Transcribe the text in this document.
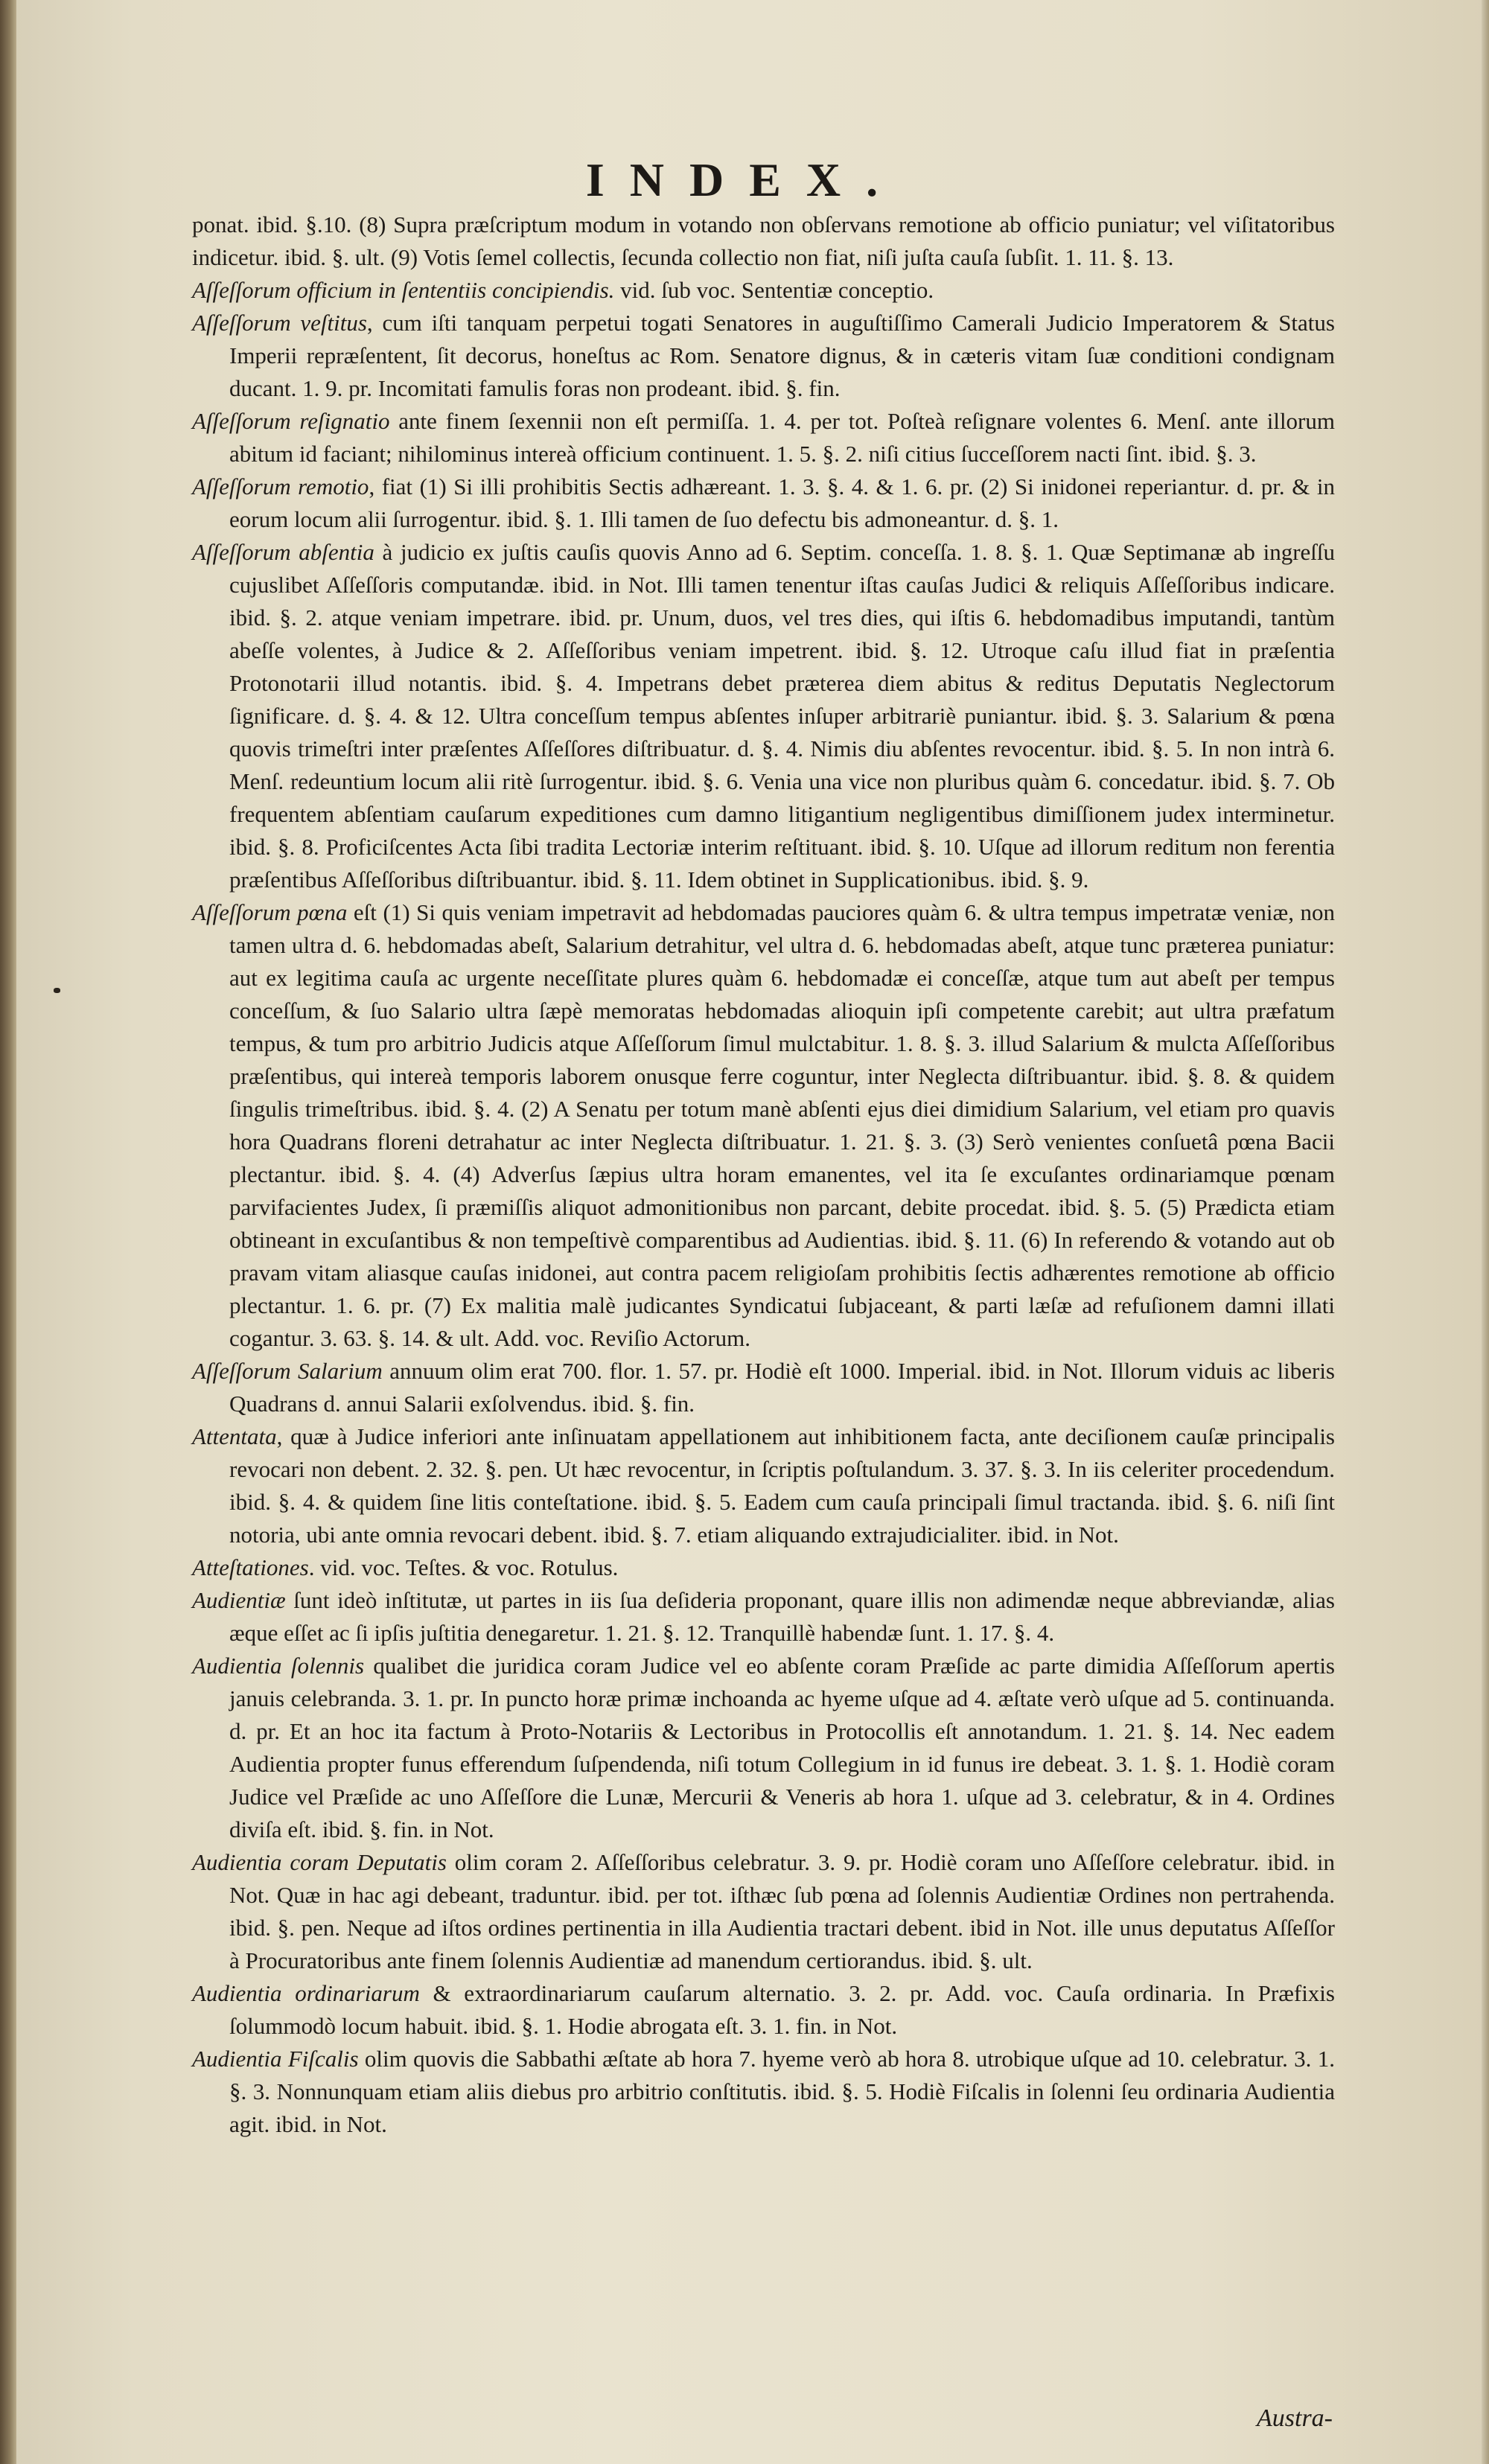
INDEX.

ponat. ibid. §.10. (8) Supra præſcriptum modum in votando non obſervans remotione ab officio puniatur; vel viſitatoribus indicetur. ibid. §. ult. (9) Votis ſemel collectis, ſecunda collectio non fiat, niſi juſta cauſa ſubſit. 1. 11. §. 13.

Aſſeſſorum officium in ſententiis concipiendis. vid. ſub voc. Sententiæ conceptio.

Aſſeſſorum veſtitus, cum iſti tanquam perpetui togati Senatores in auguſtiſſimo Camerali Judicio Imperatorem & Status Imperii repræſentent, ſit decorus, honeſtus ac Rom. Senatore dignus, & in cæteris vitam ſuæ conditioni condignam ducant. 1. 9. pr. Incomitati famulis foras non prodeant. ibid. §. fin.

Aſſeſſorum reſignatio ante finem ſexennii non eſt permiſſa. 1. 4. per tot. Poſteà reſignare volentes 6. Menſ. ante illorum abitum id faciant; nihilominus intereà officium continuent. 1. 5. §. 2. niſi citius ſucceſſorem nacti ſint. ibid. §. 3.

Aſſeſſorum remotio, fiat (1) Si illi prohibitis Sectis adhæreant. 1. 3. §. 4. & 1. 6. pr. (2) Si inidonei reperiantur. d. pr. & in eorum locum alii ſurrogentur. ibid. §. 1. Illi tamen de ſuo defectu bis admoneantur. d. §. 1.

Aſſeſſorum abſentia à judicio ex juſtis cauſis quovis Anno ad 6. Septim. conceſſa. 1. 8. §. 1. Quæ Septimanæ ab ingreſſu cujuslibet Aſſeſſoris computandæ. ibid. in Not. Illi tamen tenentur iſtas cauſas Judici & reliquis Aſſeſſoribus indicare. ibid. §. 2. atque veniam impetrare. ibid. pr. Unum, duos, vel tres dies, qui iſtis 6. hebdomadibus imputandi, tantùm abeſſe volentes, à Judice & 2. Aſſeſſoribus veniam impetrent. ibid. §. 12. Utroque caſu illud fiat in præſentia Protonotarii illud notantis. ibid. §. 4. Impetrans debet præterea diem abitus & reditus Deputatis Neglectorum ſignificare. d. §. 4. & 12. Ultra conceſſum tempus abſentes inſuper arbitrariè puniantur. ibid. §. 3. Salarium & pœna quovis trimeſtri inter præſentes Aſſeſſores diſtribuatur. d. §. 4. Nimis diu abſentes revocentur. ibid. §. 5. In non intrà 6. Menſ. redeuntium locum alii ritè ſurrogentur. ibid. §. 6. Venia una vice non pluribus quàm 6. concedatur. ibid. §. 7. Ob frequentem abſentiam cauſarum expeditiones cum damno litigantium negligentibus dimiſſionem judex interminetur. ibid. §. 8. Proficiſcentes Acta ſibi tradita Lectoriæ interim reſtituant. ibid. §. 10. Uſque ad illorum reditum non ferentia præſentibus Aſſeſſoribus diſtribuantur. ibid. §. 11. Idem obtinet in Supplicationibus. ibid. §. 9.

Aſſeſſorum pœna eſt (1) Si quis veniam impetravit ad hebdomadas pauciores quàm 6. & ultra tempus impetratæ veniæ, non tamen ultra d. 6. hebdomadas abeſt, Salarium detrahitur, vel ultra d. 6. hebdomadas abeſt, atque tunc præterea puniatur: aut ex legitima cauſa ac urgente neceſſitate plures quàm 6. hebdomadæ ei conceſſæ, atque tum aut abeſt per tempus conceſſum, & ſuo Salario ultra ſæpè memoratas hebdomadas alioquin ipſi competente carebit; aut ultra præfatum tempus, & tum pro arbitrio Judicis atque Aſſeſſorum ſimul mulctabitur. 1. 8. §. 3. illud Salarium & mulcta Aſſeſſoribus præſentibus, qui intereà temporis laborem onusque ferre coguntur, inter Neglecta diſtribuantur. ibid. §. 8. & quidem ſingulis trimeſtribus. ibid. §. 4. (2) A Senatu per totum manè abſenti ejus diei dimidium Salarium, vel etiam pro quavis hora Quadrans floreni detrahatur ac inter Neglecta diſtribuatur. 1. 21. §. 3. (3) Serò venientes conſuetâ pœna Bacii plectantur. ibid. §. 4. (4) Adverſus ſæpius ultra horam emanentes, vel ita ſe excuſantes ordinariamque pœnam parvifacientes Judex, ſi præmiſſis aliquot admonitionibus non parcant, debite procedat. ibid. §. 5. (5) Prædicta etiam obtineant in excuſantibus & non tempeſtivè comparentibus ad Audientias. ibid. §. 11. (6) In referendo & votando aut ob pravam vitam aliasque cauſas inidonei, aut contra pacem religioſam prohibitis ſectis adhærentes remotione ab officio plectantur. 1. 6. pr. (7) Ex malitia malè judicantes Syndicatui ſubjaceant, & parti læſæ ad refuſionem damni illati cogantur. 3. 63. §. 14. & ult. Add. voc. Reviſio Actorum.

Aſſeſſorum Salarium annuum olim erat 700. flor. 1. 57. pr. Hodiè eſt 1000. Imperial. ibid. in Not. Illorum viduis ac liberis Quadrans d. annui Salarii exſolvendus. ibid. §. fin.

Attentata, quæ à Judice inferiori ante inſinuatam appellationem aut inhibitionem facta, ante deciſionem cauſæ principalis revocari non debent. 2. 32. §. pen. Ut hæc revocentur, in ſcriptis poſtulandum. 3. 37. §. 3. In iis celeriter procedendum. ibid. §. 4. & quidem ſine litis conteſtatione. ibid. §. 5. Eadem cum cauſa principali ſimul tractanda. ibid. §. 6. niſi ſint notoria, ubi ante omnia revocari debent. ibid. §. 7. etiam aliquando extrajudicialiter. ibid. in Not.

Atteſtationes. vid. voc. Teſtes. & voc. Rotulus.

Audientiæ ſunt ideò inſtitutæ, ut partes in iis ſua deſideria proponant, quare illis non adimendæ neque abbreviandæ, alias æque eſſet ac ſi ipſis juſtitia denegaretur. 1. 21. §. 12. Tranquillè habendæ ſunt. 1. 17. §. 4.

Audientia ſolennis qualibet die juridica coram Judice vel eo abſente coram Præſide ac parte dimidia Aſſeſſorum apertis januis celebranda. 3. 1. pr. In puncto horæ primæ inchoanda ac hyeme uſque ad 4. æſtate verò uſque ad 5. continuanda. d. pr. Et an hoc ita factum à Proto-Notariis & Lectoribus in Protocollis eſt annotandum. 1. 21. §. 14. Nec eadem Audientia propter funus efferendum ſuſpendenda, niſi totum Collegium in id funus ire debeat. 3. 1. §. 1. Hodiè coram Judice vel Præſide ac uno Aſſeſſore die Lunæ, Mercurii & Veneris ab hora 1. uſque ad 3. celebratur, & in 4. Ordines diviſa eſt. ibid. §. fin. in Not.

Audientia coram Deputatis olim coram 2. Aſſeſſoribus celebratur. 3. 9. pr. Hodiè coram uno Aſſeſſore celebratur. ibid. in Not. Quæ in hac agi debeant, traduntur. ibid. per tot. iſthæc ſub pœna ad ſolennis Audientiæ Ordines non pertrahenda. ibid. §. pen. Neque ad iſtos ordines pertinentia in illa Audientia tractari debent. ibid in Not. ille unus deputatus Aſſeſſor à Procuratoribus ante finem ſolennis Audientiæ ad manendum certiorandus. ibid. §. ult.

Audientia ordinariarum & extraordinariarum cauſarum alternatio. 3. 2. pr. Add. voc. Cauſa ordinaria. In Præfixis ſolummodò locum habuit. ibid. §. 1. Hodie abrogata eſt. 3. 1. fin. in Not.

Audientia Fiſcalis olim quovis die Sabbathi æſtate ab hora 7. hyeme verò ab hora 8. utrobique uſque ad 10. celebratur. 3. 1. §. 3. Nonnunquam etiam aliis diebus pro arbitrio conſtitutis. ibid. §. 5. Hodiè Fiſcalis in ſolenni ſeu ordinaria Audientia agit. ibid. in Not.

Austra-
